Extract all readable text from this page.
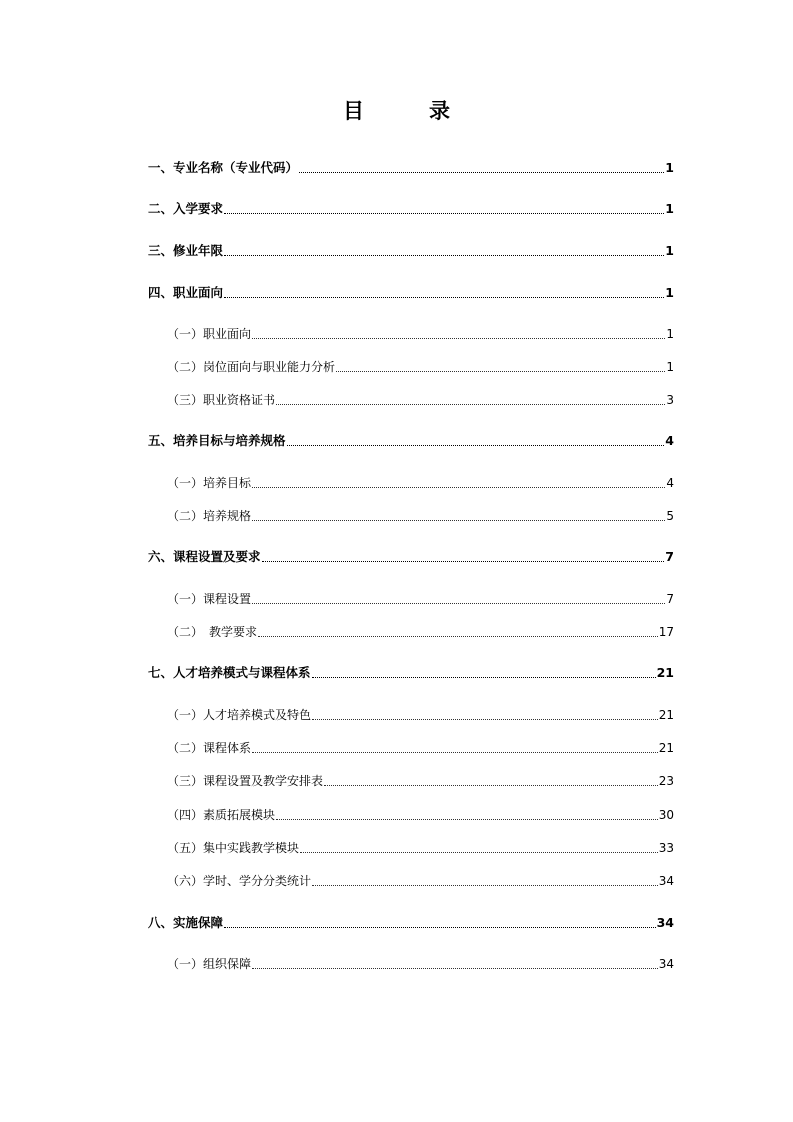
目　录
一、专业名称（专业代码）	1
二、入学要求	1
三、修业年限	1
四、职业面向	1
（一）职业面向	1
（二）岗位面向与职业能力分析	1
（三）职业资格证书	3
五、培养目标与培养规格	4
（一）培养目标	4
（二）培养规格	5
六、课程设置及要求	7
（一）课程设置	7
（二）　教学要求	17
七、人才培养模式与课程体系	21
（一）人才培养模式及特色	21
（二）课程体系	21
（三）课程设置及教学安排表	23
（四）素质拓展模块	30
（五）集中实践教学模块	33
（六）学时、学分分类统计	34
八、实施保障	34
（一）组织保障	34
